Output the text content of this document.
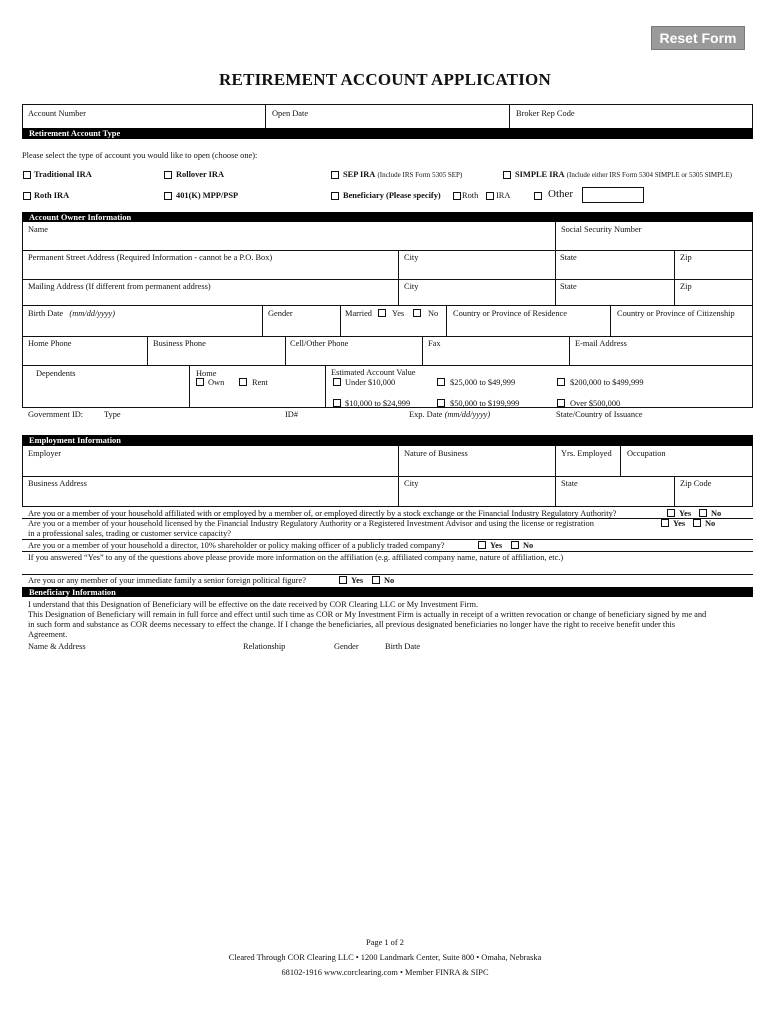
Reset Form
RETIREMENT ACCOUNT APPLICATION
Account Number	Open Date	Broker Rep Code
Retirement Account Type
Please select the type of account you would like to open (choose one):
Traditional IRA	Rollover IRA	SEP IRA (Include IRS Form 5305 SEP)	SIMPLE IRA (Include either IRS Form 5304 SIMPLE or 5305 SIMPLE)
Roth IRA	401(K) MPP/PSP	Beneficiary (Please specify)	Roth IRA	Other
Account Owner Information
Name	Social Security Number
Permanent Street Address (Required Information - cannot be a P.O. Box)	City	State	Zip
Mailing Address (If different from permanent address)	City	State	Zip
Birth Date (mm/dd/yyyy)	Gender	Married Yes	No Country or Province of Residence	Country or Province of Citizenship
Home Phone	Business Phone	Cell/Other Phone	Fax	E-mail Address
Dependents	Home
Own	Rent
Estimated Account Value
Under $10,000	$25,000 to $49,999	$200,000 to $499,999
$10,000 to $24,999	$50,000 to $199,999	Over $500,000
Government ID: Type	ID#	Exp. Date (mm/dd/yyyy)	State/Country of Issuance
Employment Information
Employer	Nature of Business	Yrs. Employed Occupation
Business Address	City	State	Zip Code
Are you or a member of your household affiliated with or employed by a member of, or employed directly by a stock exchange or the Financial Industry Regulatory Authority?	Yes No
Are you or a member of your household licensed by the Financial Industry Regulatory Authority or a Registered Investment Advisor and using the license or registration
in a professional sales, trading or customer service capacity?
Yes No
Are you or a member of your household a director, 10% shareholder or policy making officer of a publicly traded company?	Yes No
If you answered “Yes” to any of the questions above please provide more information on the affiliation (e.g. affiliated company name, nature of affiliation, etc.)
Are you or any member of your immediate family a senior foreign political figure?	Yes No
Beneficiary Information
I understand that this Designation of Beneficiary will be effective on the date received by COR Clearing LLC or My Investment Firm.
This Designation of Beneficiary will remain in full force and effect until such time as COR or My Investment Firm is actually in receipt of a written revocation or change of beneficiary signed by me and
in such form and substance as COR deems necessary to effect the change. If I change the beneficiaries, all previous designated beneficiaries no longer have the right to receive benefit under this
Agreement.
Name & Address	Relationship	Gender	Birth Date
Page 1 of 2
Cleared Through COR Clearing LLC • 1200 Landmark Center, Suite 800 • Omaha, Nebraska
68102-1916 www.corclearing.com • Member FINRA & SIPC
